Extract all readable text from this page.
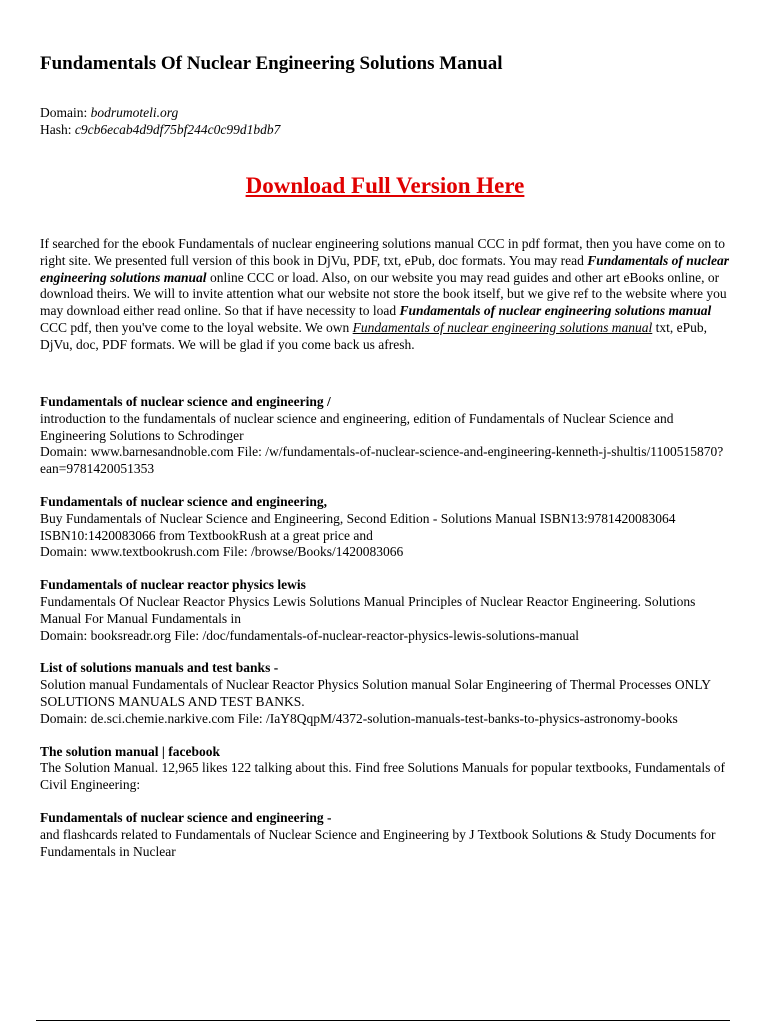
Fundamentals Of Nuclear Engineering Solutions Manual
Domain: bodrumoteli.org
Hash: c9cb6ecab4d9df75bf244c0c99d1bdb7
Download Full Version Here
If searched for the ebook Fundamentals of nuclear engineering solutions manual CCC in pdf format, then you have come on to right site. We presented full version of this book in DjVu, PDF, txt, ePub, doc formats. You may read Fundamentals of nuclear engineering solutions manual online CCC or load. Also, on our website you may read guides and other art eBooks online, or download theirs. We will to invite attention what our website not store the book itself, but we give ref to the website where you may download either read online. So that if have necessity to load Fundamentals of nuclear engineering solutions manual CCC pdf, then you've come to the loyal website. We own Fundamentals of nuclear engineering solutions manual txt, ePub, DjVu, doc, PDF formats. We will be glad if you come back us afresh.
Fundamentals of nuclear science and engineering /
introduction to the fundamentals of nuclear science and engineering, edition of Fundamentals of Nuclear Science and Engineering Solutions to Schrodinger
Domain: www.barnesandnoble.com File: /w/fundamentals-of-nuclear-science-and-engineering-kenneth-j-shultis/1100515870?ean=9781420051353
Fundamentals of nuclear science and engineering,
Buy Fundamentals of Nuclear Science and Engineering, Second Edition - Solutions Manual ISBN13:9781420083064 ISBN10:1420083066 from TextbookRush at a great price and
Domain: www.textbookrush.com File: /browse/Books/1420083066
Fundamentals of nuclear reactor physics lewis
Fundamentals Of Nuclear Reactor Physics Lewis Solutions Manual Principles of Nuclear Reactor Engineering. Solutions Manual For Manual Fundamentals in
Domain: booksreadr.org File: /doc/fundamentals-of-nuclear-reactor-physics-lewis-solutions-manual
List of solutions manuals and test banks -
Solution manual Fundamentals of Nuclear Reactor Physics Solution manual Solar Engineering of Thermal Processes ONLY SOLUTIONS MANUALS AND TEST BANKS.
Domain: de.sci.chemie.narkive.com File: /IaY8QqpM/4372-solution-manuals-test-banks-to-physics-astronomy-books
The solution manual | facebook
The Solution Manual. 12,965 likes 122 talking about this. Find free Solutions Manuals for popular textbooks, Fundamentals of Civil Engineering:
Fundamentals of nuclear science and engineering -
and flashcards related to Fundamentals of Nuclear Science and Engineering by J Textbook Solutions & Study Documents for Fundamentals in Nuclear
